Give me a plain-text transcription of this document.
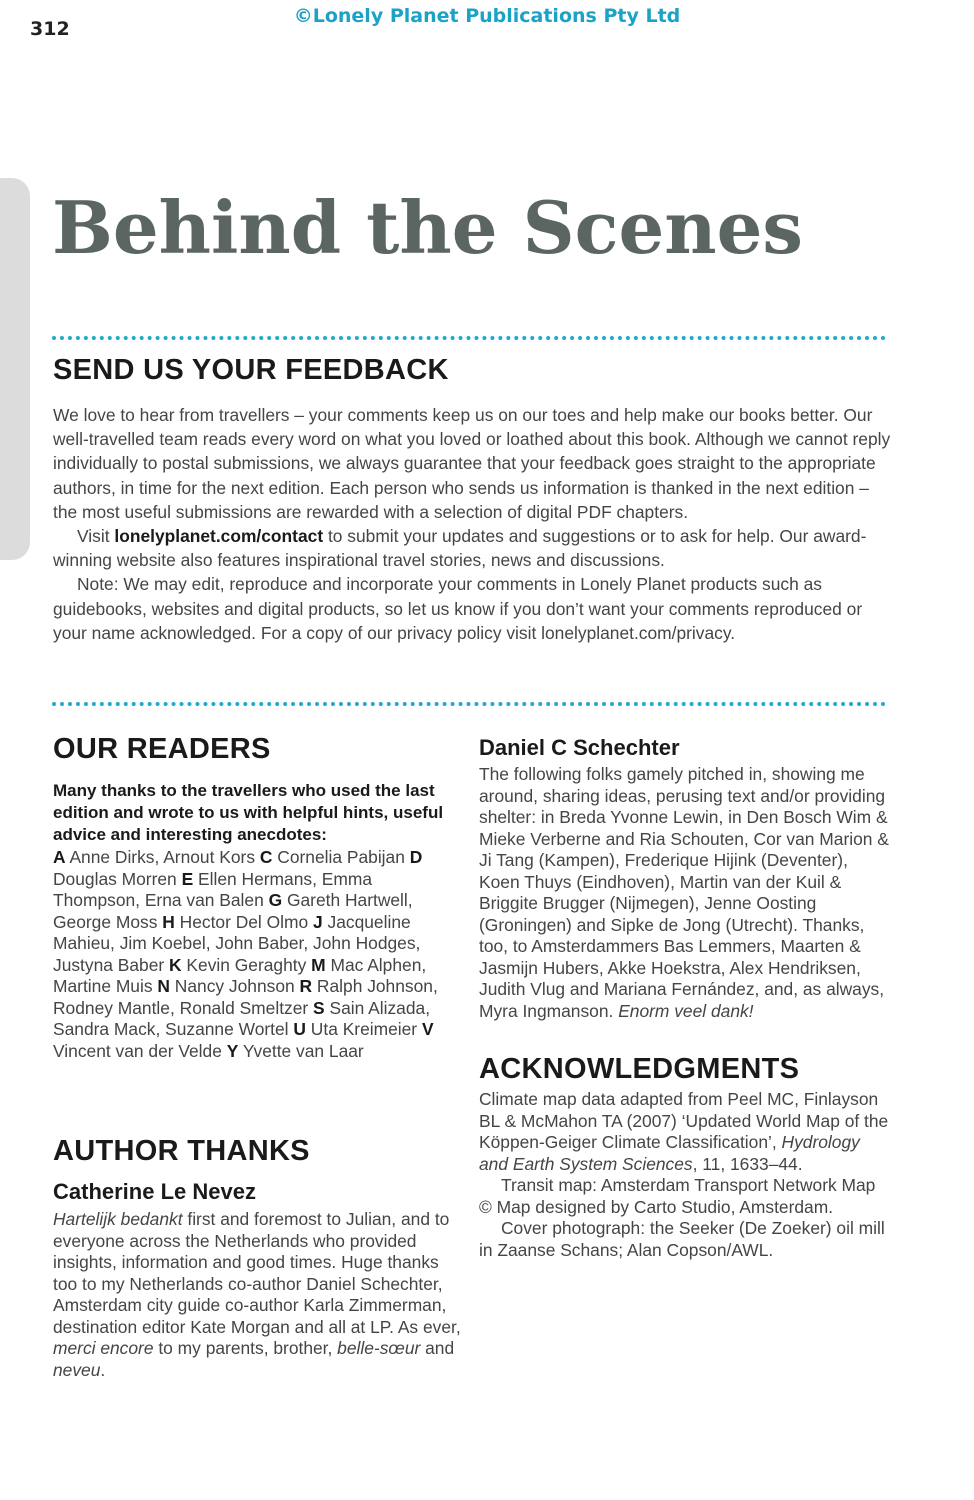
312
©Lonely Planet Publications Pty Ltd
Behind the Scenes
SEND US YOUR FEEDBACK

We love to hear from travellers – your comments keep us on our toes and help make our books better. Our well-travelled team reads every word on what you loved or loathed about this book. Although we cannot reply individually to postal submissions, we always guarantee that your feedback goes straight to the appropriate authors, in time for the next edition. Each person who sends us information is thanked in the next edition – the most useful submissions are rewarded with a selection of digital PDF chapters.

Visit lonelyplanet.com/contact to submit your updates and suggestions or to ask for help. Our award-winning website also features inspirational travel stories, news and discussions.

Note: We may edit, reproduce and incorporate your comments in Lonely Planet products such as guidebooks, websites and digital products, so let us know if you don’t want your comments reproduced or your name acknowledged. For a copy of our privacy policy visit lonelyplanet.com/privacy.

OUR READERS

Many thanks to the travellers who used the last edition and wrote to us with helpful hints, useful advice and interesting anecdotes:

A Anne Dirks, Arnout Kors C Cornelia Pabijan D Douglas Morren E Ellen Hermans, Emma Thompson, Erna van Balen G Gareth Hartwell, George Moss H Hector Del Olmo J Jacqueline Mahieu, Jim Koebel, John Baber, John Hodges, Justyna Baber K Kevin Geraghty M Mac Alphen, Martine Muis N Nancy Johnson R Ralph Johnson, Rodney Mantle, Ronald Smeltzer S Sain Alizada, Sandra Mack, Suzanne Wortel U Uta Kreimeier V Vincent van der Velde Y Yvette van Laar

AUTHOR THANKS
Catherine Le Nevez

Hartelijk bedankt first and foremost to Julian, and to everyone across the Netherlands who provided insights, information and good times. Huge thanks too to my Netherlands co-author Daniel Schechter, Amsterdam city guide co-author Karla Zimmerman, destination editor Kate Morgan and all at LP. As ever, merci encore to my parents, brother, belle-sœur and neveu.

Daniel C Schechter

The following folks gamely pitched in, showing me around, sharing ideas, perusing text and/or providing shelter: in Breda Yvonne Lewin, in Den Bosch Wim & Mieke Verberne and Ria Schouten, Cor van Marion & Ji Tang (Kampen), Frederique Hijink (Deventer), Koen Thuys (Eindhoven), Martin van der Kuil & Briggite Brugger (Nijmegen), Jenne Oosting (Groningen) and Sipke de Jong (Utrecht). Thanks, too, to Amsterdammers Bas Lemmers, Maarten & Jasmijn Hubers, Akke Hoekstra, Alex Hendriksen, Judith Vlug and Mariana Fernández, and, as always, Myra Ingmanson. Enorm veel dank!

ACKNOWLEDGMENTS

Climate map data adapted from Peel MC, Finlayson BL & McMahon TA (2007) ‘Updated World Map of the Köppen-Geiger Climate Classification’, Hydrology and Earth System Sciences, 11, 1633–44.

Transit map: Amsterdam Transport Network Map © Map designed by Carto Studio, Amsterdam.

Cover photograph: the Seeker (De Zoeker) oil mill in Zaanse Schans; Alan Copson/AWL.
